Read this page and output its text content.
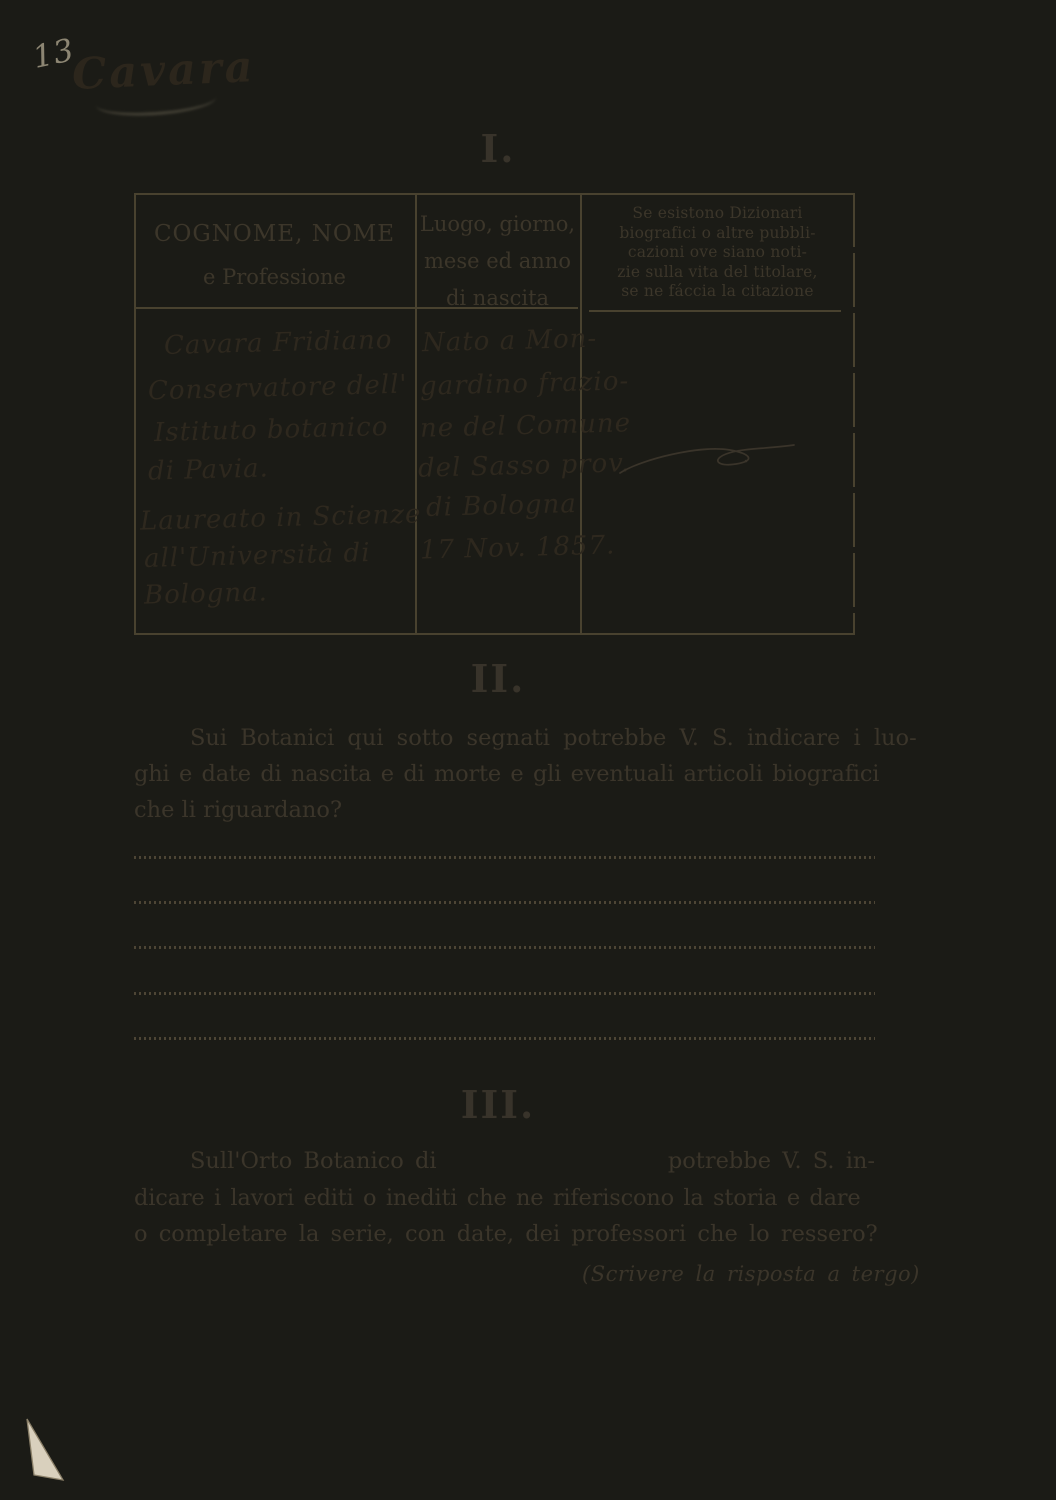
13
Cavara
I.
COGNOME, NOME
e Professione
Luogo, giorno,
mese ed anno
di nascita
Se esistono Dizionari
biografici o altre pubbli-
cazioni ove siano noti-
zie sulla vita del titolare,
se ne fáccia la citazione
Cavara Fridiano
Conservatore dell'
Istituto botanico
di Pavia.
Laureato in Scienze
all'Università di
Bologna.
Nato a Mon-
gardino frazio-
ne del Comune
del Sasso prov.
di Bologna
17 Nov. 1857.
II.
Sui Botanici qui sotto segnati potrebbe V. S. indicare i luo-
ghi e date di nascita e di morte e gli eventuali articoli biografici
che li riguardano?
III.
Sull'Orto Botanico di	potrebbe V. S. in-
dicare i lavori editi o inediti che ne riferiscono la storia e dare
o completare la serie, con date, dei professori che lo ressero?
(Scrivere la risposta a tergo)
